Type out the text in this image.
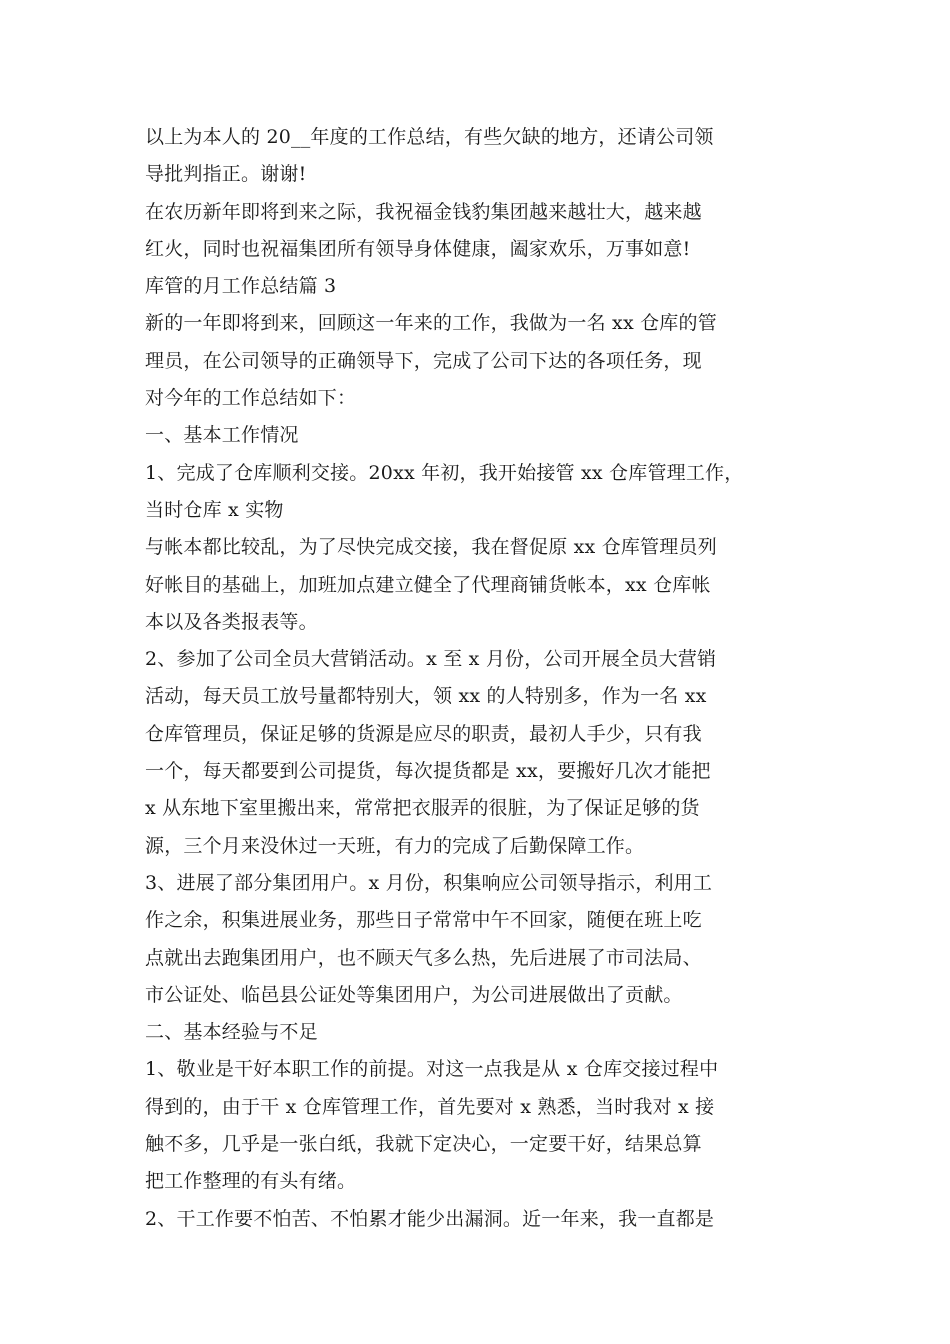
以上为本人的 20__年度的工作总结，有些欠缺的地方，还请公司领
导批判指正。谢谢!
在农历新年即将到来之际，我祝福金钱豹集团越来越壮大，越来越
红火，同时也祝福集团所有领导身体健康，阖家欢乐，万事如意!
库管的月工作总结篇 3
新的一年即将到来，回顾这一年来的工作，我做为一名 xx 仓库的管
理员，在公司领导的正确领导下，完成了公司下达的各项任务，现
对今年的工作总结如下：
一、基本工作情况
1、完成了仓库顺利交接。20xx 年初，我开始接管 xx 仓库管理工作，
当时仓库 x 实物
与帐本都比较乱，为了尽快完成交接，我在督促原 xx 仓库管理员列
好帐目的基础上，加班加点建立健全了代理商铺货帐本，xx 仓库帐
本以及各类报表等。
2、参加了公司全员大营销活动。x 至 x 月份，公司开展全员大营销
活动，每天员工放号量都特别大，领 xx 的人特别多，作为一名 xx
仓库管理员，保证足够的货源是应尽的职责，最初人手少，只有我
一个，每天都要到公司提货，每次提货都是 xx，要搬好几次才能把
x 从东地下室里搬出来，常常把衣服弄的很脏，为了保证足够的货
源，三个月来没休过一天班，有力的完成了后勤保障工作。
3、进展了部分集团用户。x 月份，积集响应公司领导指示，利用工
作之余，积集进展业务，那些日子常常中午不回家，随便在班上吃
点就出去跑集团用户，也不顾天气多么热，先后进展了市司法局、
市公证处、临邑县公证处等集团用户，为公司进展做出了贡献。
二、基本经验与不足
1、敬业是干好本职工作的前提。对这一点我是从 x 仓库交接过程中
得到的，由于干 x 仓库管理工作，首先要对 x 熟悉，当时我对 x 接
触不多，几乎是一张白纸，我就下定决心，一定要干好，结果总算
把工作整理的有头有绪。
2、干工作要不怕苦、不怕累才能少出漏洞。近一年来，我一直都是
